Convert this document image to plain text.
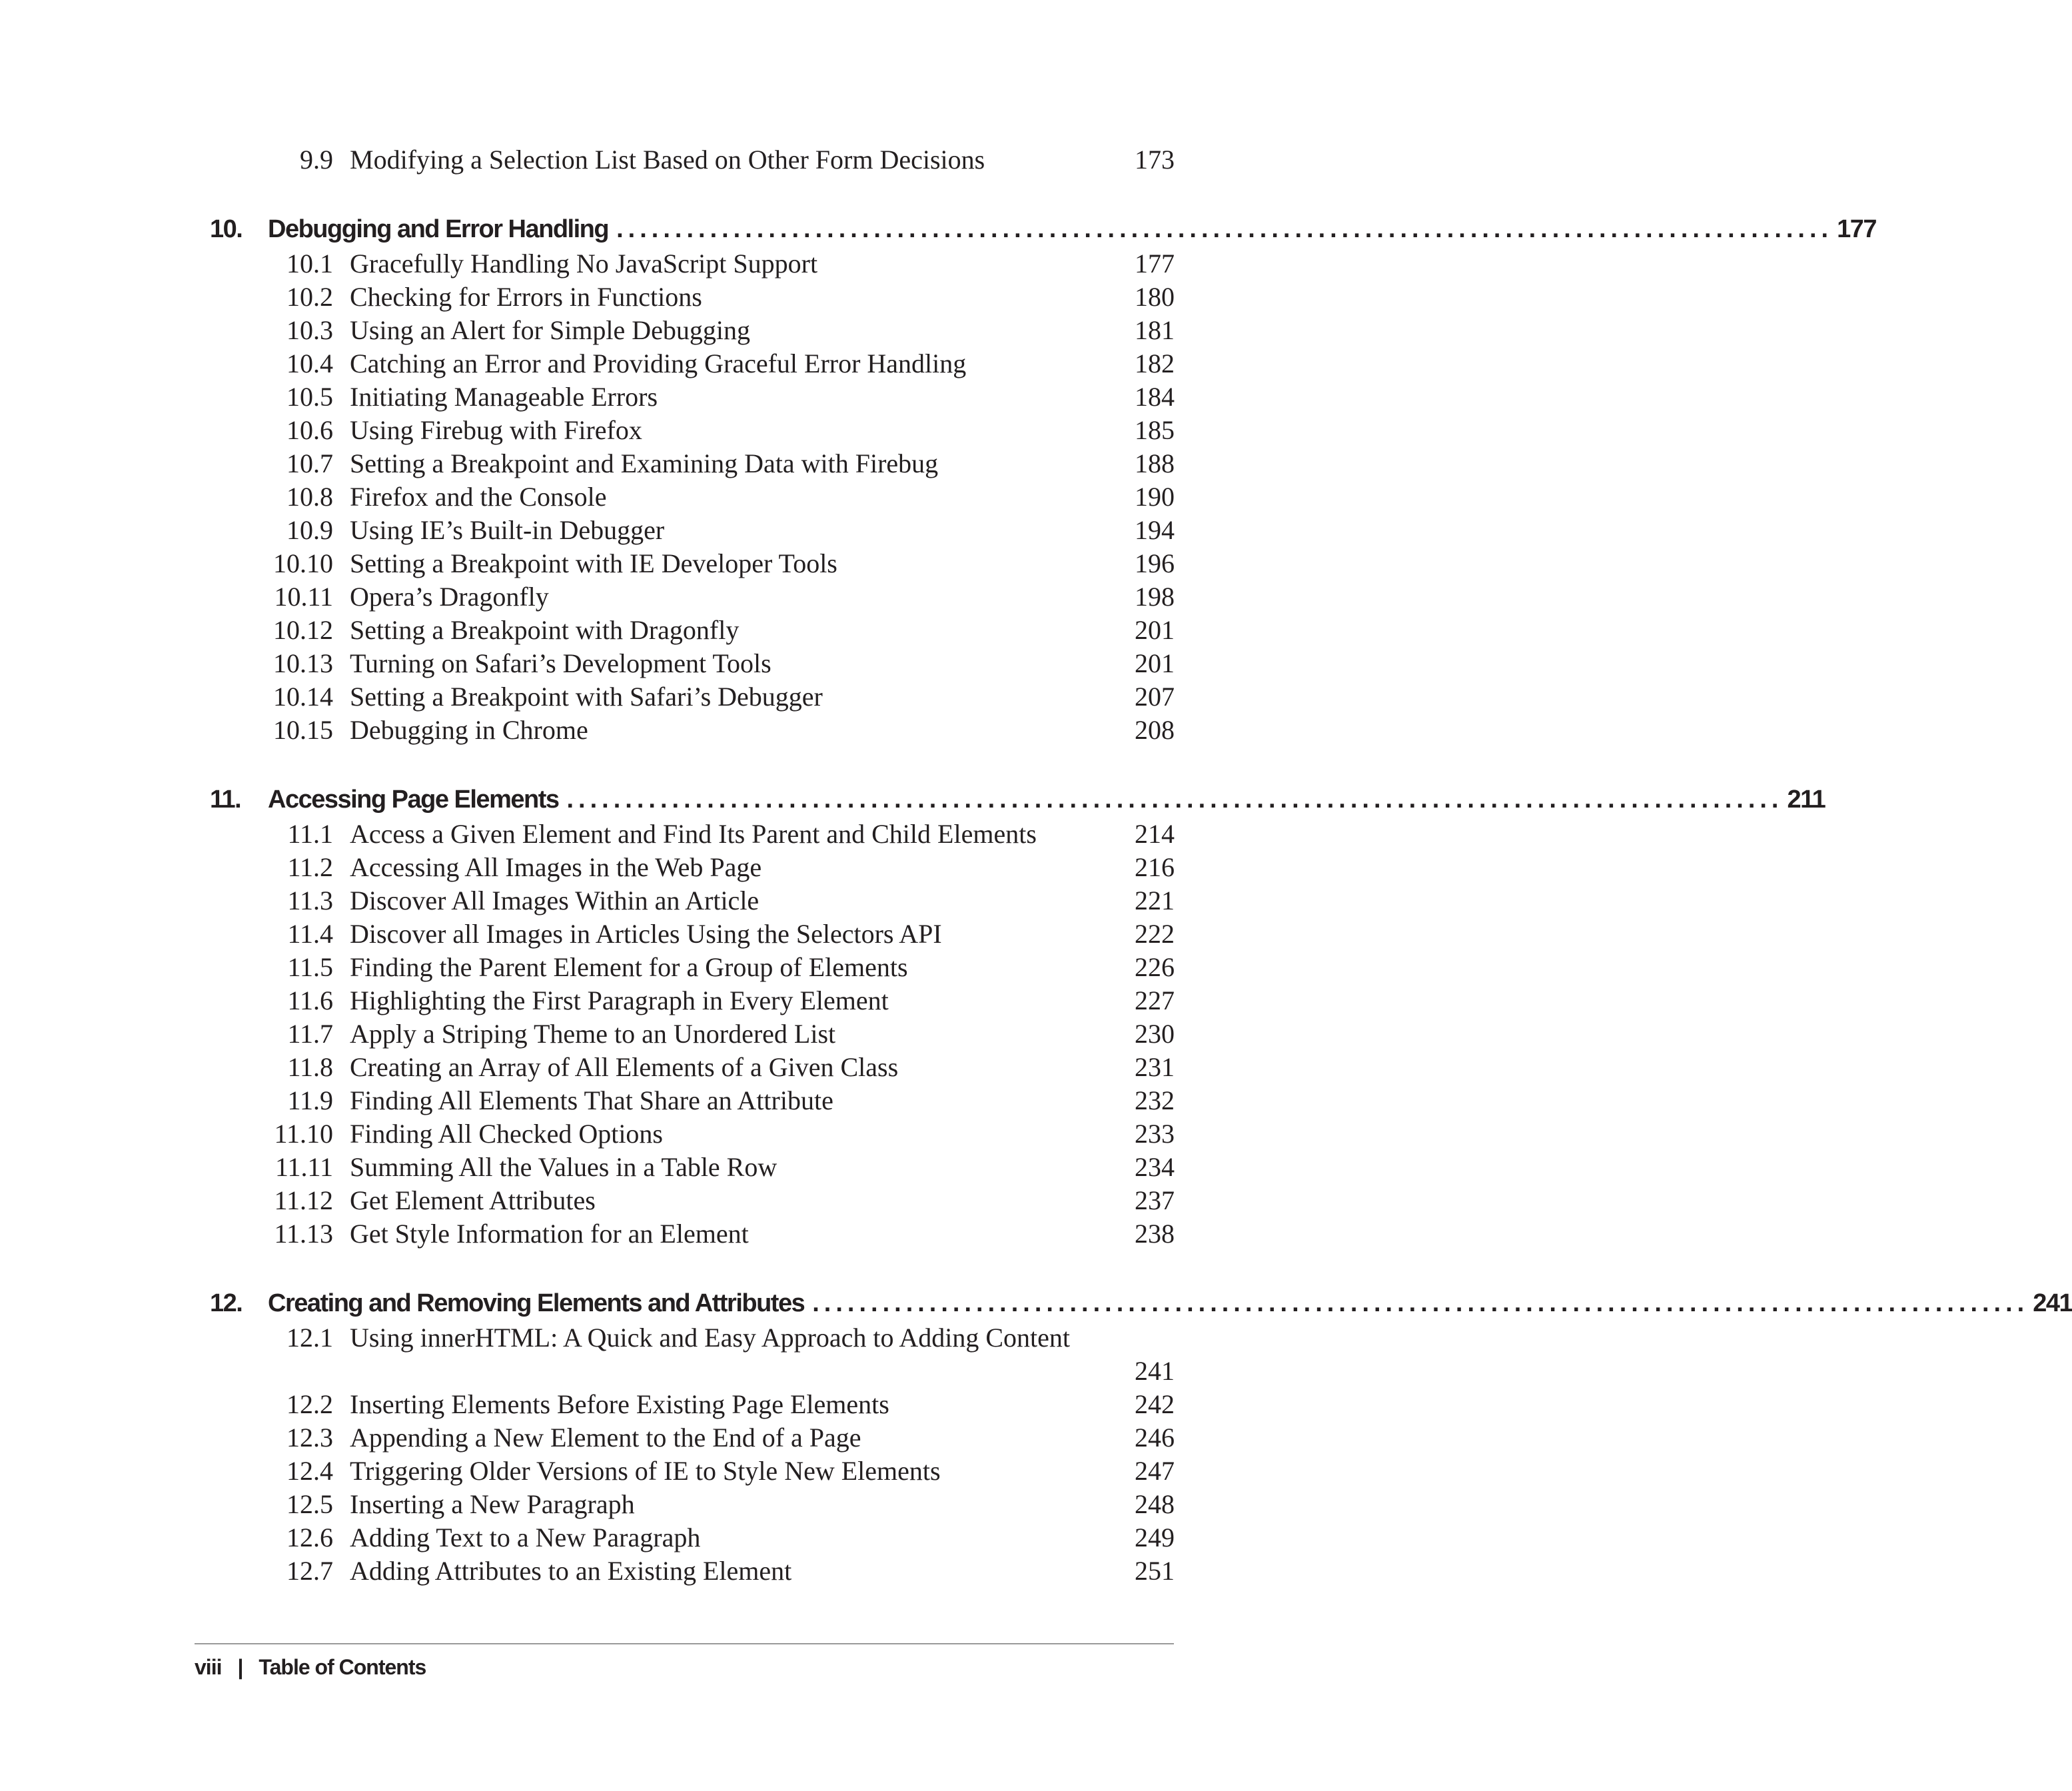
9.9 Modifying a Selection List Based on Other Form Decisions	173
10. Debugging and Error Handling ........................................................................................................ 177
10.1 Gracefully Handling No JavaScript Support	177
10.2 Checking for Errors in Functions	180
10.3 Using an Alert for Simple Debugging	181
10.4 Catching an Error and Providing Graceful Error Handling	182
10.5 Initiating Manageable Errors	184
10.6 Using Firebug with Firefox	185
10.7 Setting a Breakpoint and Examining Data with Firebug	188
10.8 Firefox and the Console	190
10.9 Using IE’s Built-in Debugger	194
10.10 Setting a Breakpoint with IE Developer Tools	196
10.11 Opera’s Dragonfly	198
10.12 Setting a Breakpoint with Dragonfly	201
10.13 Turning on Safari’s Development Tools	201
10.14 Setting a Breakpoint with Safari’s Debugger	207
10.15 Debugging in Chrome	208
11. Accessing Page Elements ........................................................................................................ 211
11.1 Access a Given Element and Find Its Parent and Child Elements	214
11.2 Accessing All Images in the Web Page	216
11.3 Discover All Images Within an Article	221
11.4 Discover all Images in Articles Using the Selectors API	222
11.5 Finding the Parent Element for a Group of Elements	226
11.6 Highlighting the First Paragraph in Every Element	227
11.7 Apply a Striping Theme to an Unordered List	230
11.8 Creating an Array of All Elements of a Given Class	231
11.9 Finding All Elements That Share an Attribute	232
11.10 Finding All Checked Options	233
11.11 Summing All the Values in a Table Row	234
11.12 Get Element Attributes	237
11.13 Get Style Information for an Element	238
12. Creating and Removing Elements and Attributes ........................................................................................................ 241
12.1 Using innerHTML: A Quick and Easy Approach to Adding Content
241
12.2 Inserting Elements Before Existing Page Elements	242
12.3 Appending a New Element to the End of a Page	246
12.4 Triggering Older Versions of IE to Style New Elements	247
12.5 Inserting a New Paragraph	248
12.6 Adding Text to a New Paragraph	249
12.7 Adding Attributes to an Existing Element	251
viii | Table of Contents
